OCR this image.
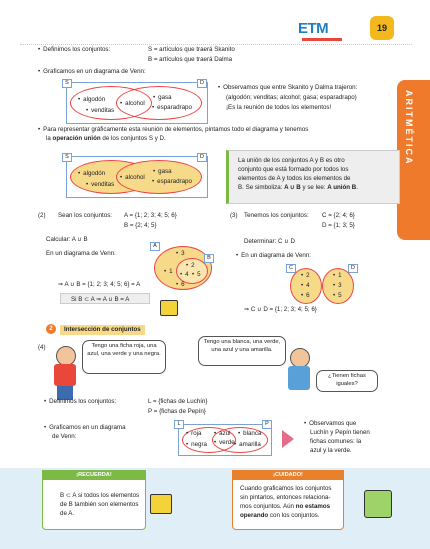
ETM	19
ARITMÉTICA
• Definimos los conjuntos:	S = artículos que traerá Skanito
B = artículos que traerá Dalma
• Graficamos en un diagrama de Venn:
S	D
• algodón
• venditas
• alcohol
• gasa
• esparadrapo
• Observamos que entre Skanito y Dalma trajeron:
(algodón; venditas; alcohol; gasa; esparadrapo)
¡Es la reunión de todos los elementos!
• Para representar gráficamente esta reunión de elementos, pintamos todo el diagrama y tenemos
la operación unión de los conjuntos S y D.
S	D
• algodón
• venditas
• alcohol
• gasa
• esparadrapo
La unión de los conjuntos A y B es otro
conjunto que está formado por todos los
elementos de A y todos los elementos de
B. Se simboliza: A ∪ B y se lee: A unión B.
(2) Sean los conjuntos: A = {1; 2; 3; 4; 5; 6}
B = {2; 4; 5}
Calcular: A ∪ B
En un diagrama de Venn:
A
B
• 3
• 1
• 6
• 2
• 4
•	5
⇒ A ∪ B = {1; 2; 3; 4; 5; 6} = A
Si B ⊂ A ⇒ A ∪ B = A
(3) Tenemos los conjuntos: C = {2; 4; 6}
D = {1; 3; 5}
Determinar: C ∪ D
• En un diagrama de Venn:
C	D
• 2
• 4
• 6
• 1
• 3
• 5
⇒ C ∪ D = {1; 2; 3; 4; 5; 6}
2	Intersección de conjuntos
(4)	Tengo una ficha roja, una azul, una verde y una negra.
Tengo una blanca, una verde, una azul y una amarilla.
¿Tienen fichas iguales?
• Definimos los conjuntos:	L = {fichas de Luchín}
P = {fichas de Pepín}
• Graficamos en un diagrama
de Venn:
L	P
• roja
• negra
• azul
• verde
• blanca
• amarilla
• Observamos que
Luchín y Pepín tienen
fichas comunes: la
azul y la verde.
¡RECUERDA!
B ⊂ A si todos los elementos
de B también son elementos
de A.
¡CUIDADO!
Cuando graficamos los conjuntos
sin pintarlos, entonces relaciona-
mos conjuntos. Aún no estamos
operando con los conjuntos.
